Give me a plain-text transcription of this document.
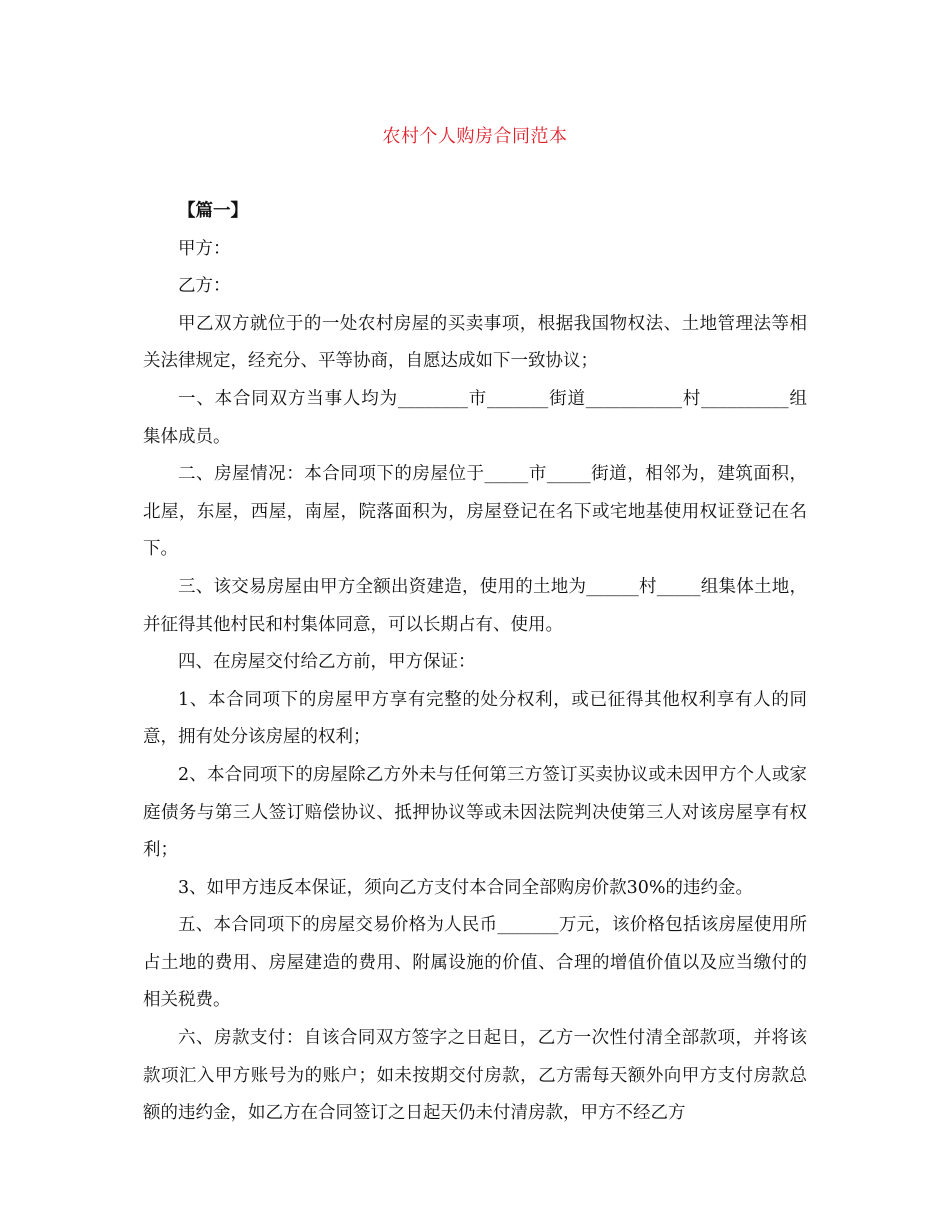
农村个人购房合同范本

【篇一】

甲方：

乙方：

甲乙双方就位于的一处农村房屋的买卖事项，根据我国物权法、土地管理法等相关法律规定，经充分、平等协商，自愿达成如下一致协议；

一、本合同双方当事人均为________市_______街道___________村__________组集体成员。

二、房屋情况：本合同项下的房屋位于_____市_____街道，相邻为，建筑面积，北屋，东屋，西屋，南屋，院落面积为，房屋登记在名下或宅地基使用权证登记在名下。

三、该交易房屋由甲方全额出资建造，使用的土地为______村_____组集体土地，并征得其他村民和村集体同意，可以长期占有、使用。

四、在房屋交付给乙方前，甲方保证：

1、本合同项下的房屋甲方享有完整的处分权利，或已征得其他权利享有人的同意，拥有处分该房屋的权利；

2、本合同项下的房屋除乙方外未与任何第三方签订买卖协议或未因甲方个人或家庭债务与第三人签订赔偿协议、抵押协议等或未因法院判决使第三人对该房屋享有权利；

3、如甲方违反本保证，须向乙方支付本合同全部购房价款30%的违约金。

五、本合同项下的房屋交易价格为人民币_______万元，该价格包括该房屋使用所占土地的费用、房屋建造的费用、附属设施的价值、合理的增值价值以及应当缴付的相关税费。

六、房款支付：自该合同双方签字之日起日，乙方一次性付清全部款项，并将该款项汇入甲方账号为的账户；如未按期交付房款，乙方需每天额外向甲方支付房款总额的违约金，如乙方在合同签订之日起天仍未付清房款，甲方不经乙方
